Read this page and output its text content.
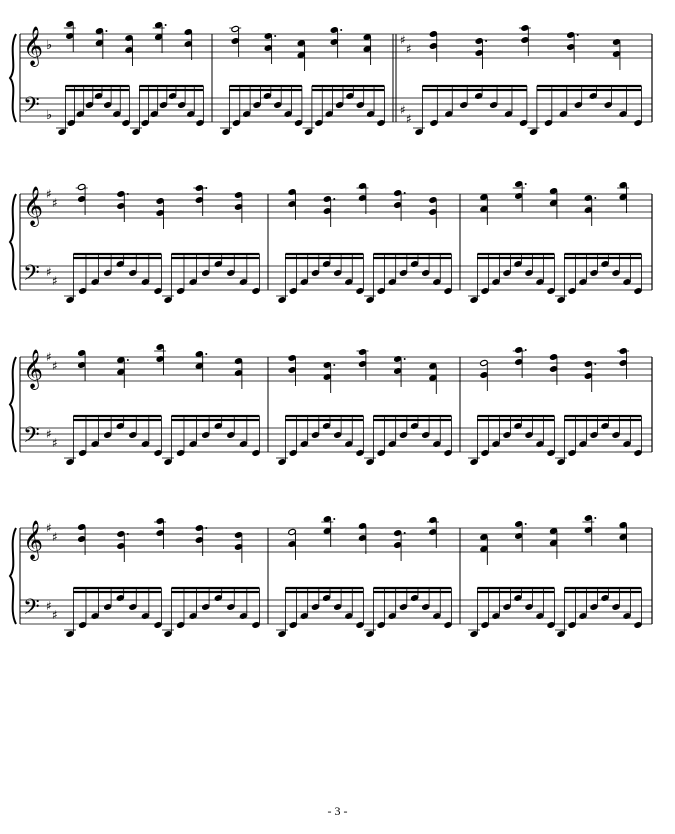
𝄞
𝄢
♭
♭
♯
♯
♯
♯
𝄞
𝄢
♯
♯
♯
♯
𝄞
𝄢
♯
♯
♯
♯
𝄞
𝄢
♯
♯
♯
♯
- 3 -
